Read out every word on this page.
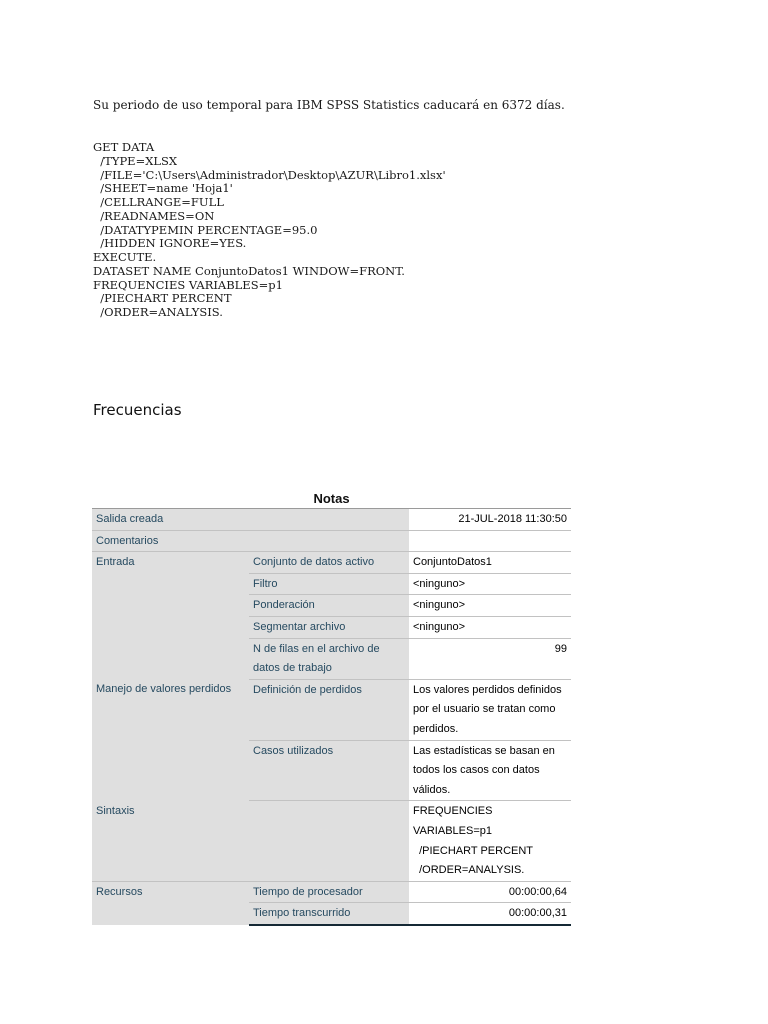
Su periodo de uso temporal para IBM SPSS Statistics caducará en 6372 días.
GET DATA
/TYPE=XLSX
/FILE='C:\Users\Administrador\Desktop\AZUR\Libro1.xlsx'
/SHEET=name 'Hoja1'
/CELLRANGE=FULL
/READNAMES=ON
/DATATYPEMIN PERCENTAGE=95.0
/HIDDEN IGNORE=YES.
EXECUTE.
DATASET NAME ConjuntoDatos1 WINDOW=FRONT.
FREQUENCIES VARIABLES=p1
/PIECHART PERCENT
/ORDER=ANALYSIS.
Frecuencias
Notas
Salida creada		21-JUL-2018 11:30:50
Comentarios		
Entrada	Conjunto de datos activo	ConjuntoDatos1
	Filtro	<ninguno>
	Ponderación	<ninguno>
	Segmentar archivo	<ninguno>
	N de filas en el archivo de datos de trabajo	99
Manejo de valores perdidos	Definición de perdidos	Los valores perdidos definidos por el usuario se tratan como perdidos.
	Casos utilizados	Las estadísticas se basan en todos los casos con datos válidos.
Sintaxis		FREQUENCIES
VARIABLES=p1
/PIECHART PERCENT
/ORDER=ANALYSIS.

Recursos	Tiempo de procesador	00:00:00,64
	Tiempo transcurrido	00:00:00,31
